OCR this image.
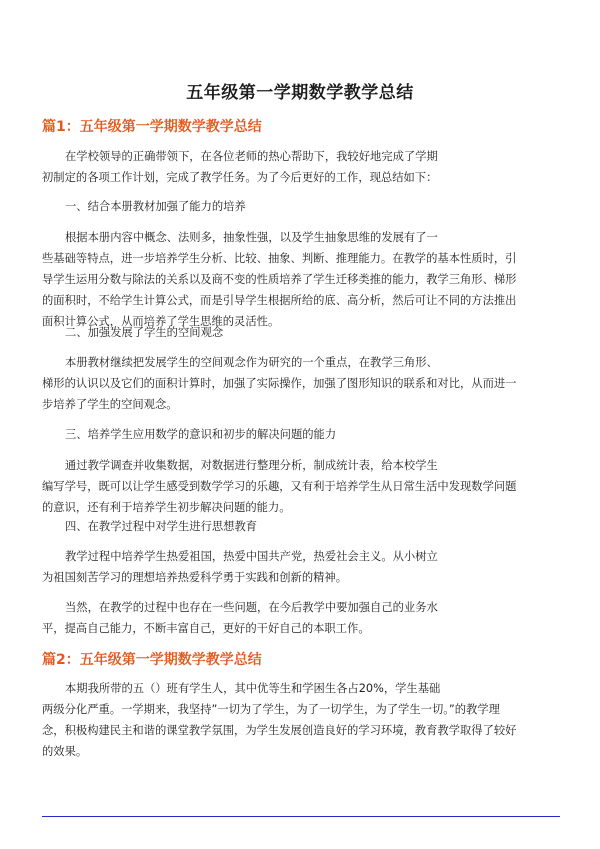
五年级第一学期数学教学总结
篇1：五年级第一学期数学教学总结
在学校领导的正确带领下，在各位老师的热心帮助下，我较好地完成了学期
初制定的各项工作计划，完成了教学任务。为了今后更好的工作，现总结如下：
一、结合本册教材加强了能力的培养
根据本册内容中概念、法则多，抽象性强，以及学生抽象思维的发展有了一
些基础等特点，进一步培养学生分析、比较、抽象、判断、推理能力。在教学的基本性质时，引
导学生运用分数与除法的关系以及商不变的性质培养了学生迁移类推的能力，教学三角形、梯形
的面积时，不给学生计算公式，而是引导学生根据所给的底、高分析，然后可让不同的方法推出
面积计算公式，从而培养了学生思维的灵活性。
二、加强发展了学生的空间观念
本册教材继续把发展学生的空间观念作为研究的一个重点，在教学三角形、
梯形的认识以及它们的面积计算时，加强了实际操作，加强了图形知识的联系和对比，从而进一
步培养了学生的空间观念。
三、培养学生应用数学的意识和初步的解决问题的能力
通过教学调查并收集数据，对数据进行整理分析，制成统计表，给本校学生
编写学号，既可以让学生感受到数学学习的乐趣，又有利于培养学生从日常生活中发现数学问题
的意识，还有利于培养学生初步解决问题的能力。
四、在教学过程中对学生进行思想教育
教学过程中培养学生热爱祖国，热爱中国共产党，热爱社会主义。从小树立
为祖国刻苦学习的理想培养热爱科学勇于实践和创新的精神。
当然，在教学的过程中也存在一些问题，在今后教学中要加强自己的业务水
平，提高自己能力，不断丰富自己，更好的干好自己的本职工作。
篇2：五年级第一学期数学教学总结
本期我所带的五（）班有学生人，其中优等生和学困生各占20%，学生基础
两级分化严重。一学期来，我坚持”一切为了学生，为了一切学生，为了学生一切。”的教学理
念，积极构建民主和谐的课堂教学氛围，为学生发展创造良好的学习环境，教育教学取得了较好
的效果。
